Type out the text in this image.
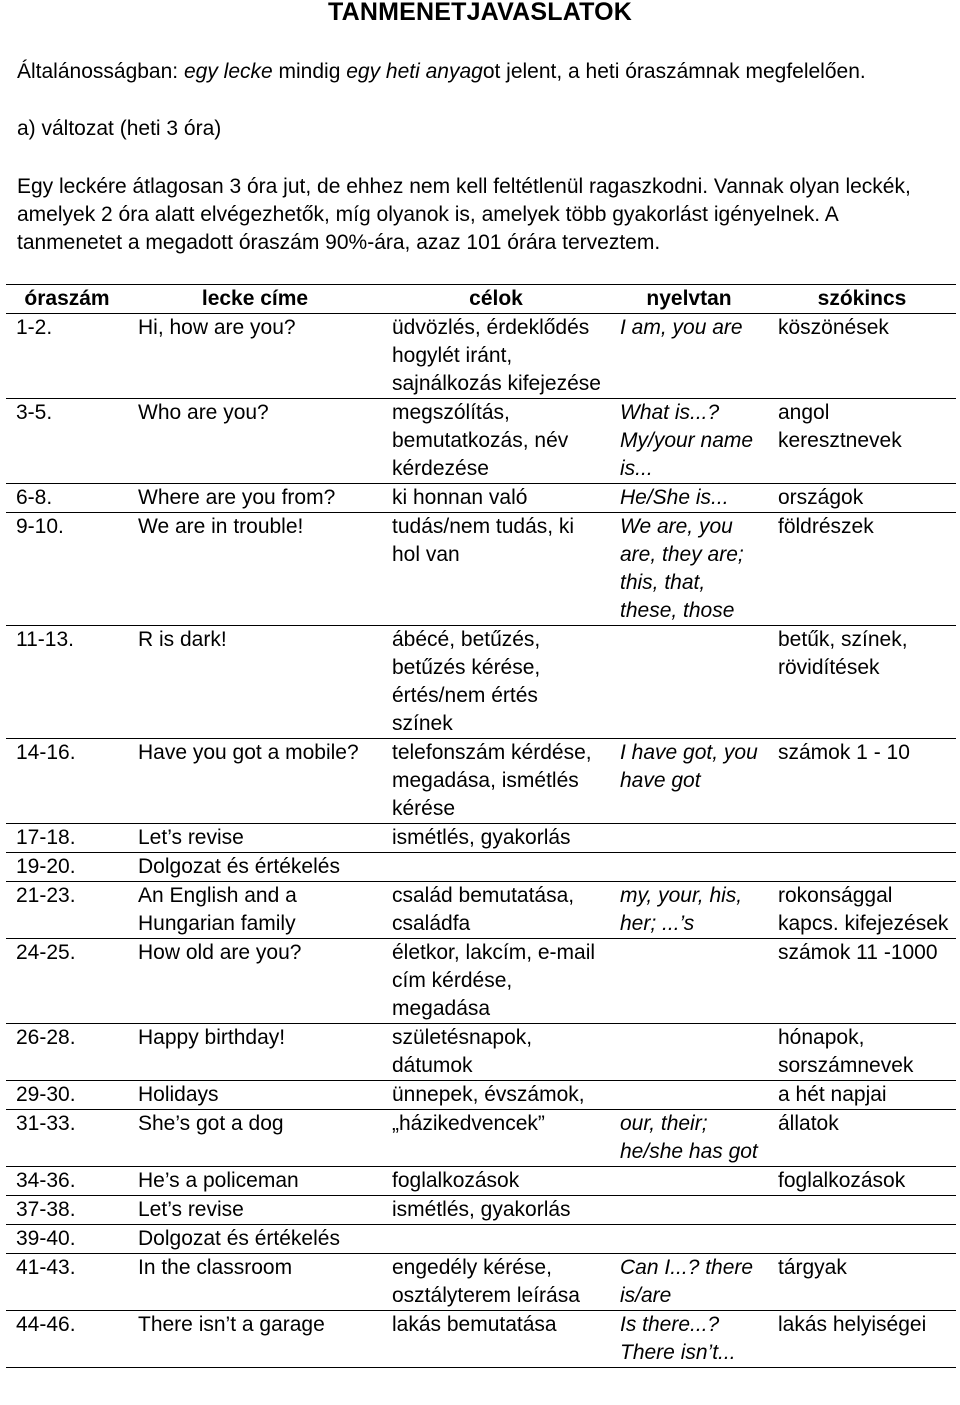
TANMENETJAVASLATOK

Általánosságban: egy lecke mindig egy heti anyagot jelent, a heti óraszámnak megfelelően.

a) változat (heti 3 óra)

Egy leckére átlagosan 3 óra jut, de ehhez nem kell feltétlenül ragaszkodni. Vannak olyan leckék, amelyek 2 óra alatt elvégezhetők, míg olyanok is, amelyek több gyakorlást igényelnek. A tanmenetet a megadott óraszám 90%-ára, azaz 101 órára terveztem.

óraszám	lecke címe	célok	nyelvtan	szókincs
1-2.	Hi, how are you?	üdvözlés, érdeklődés hogylét iránt, sajnálkozás kifejezése	I am, you are	köszönések
3-5.	Who are you?	megszólítás, bemutatkozás, név kérdezése	What is...? My/your name is...	angol keresztnevek
6-8.	Where are you from?	ki honnan való	He/She is...	országok
9-10.	We are in trouble!	tudás/nem tudás, ki hol van	We are, you are, they are; this, that, these, those	földrészek
11-13.	R is dark!	ábécé, betűzés, betűzés kérése, értés/nem értés színek		betűk, színek, rövidítések
14-16.	Have you got a mobile?	telefonszám kérdése, megadása, ismétlés kérése	I have got, you have got	számok 1 - 10
17-18.	Let’s revise	ismétlés, gyakorlás		
19-20.	Dolgozat és értékelés			
21-23.	An English and a Hungarian family	család bemutatása, családfa	my, your, his, her; ...’s	rokonsággal kapcs. kifejezések
24-25.	How old are you?	életkor, lakcím, e-mail cím kérdése, megadása		számok 11 -1000
26-28.	Happy birthday!	születésnapok, dátumok		hónapok, sorszámnevek
29-30.	Holidays	ünnepek, évszámok,		a hét napjai
31-33.	She’s got a dog	„házikedvencek”	our, their; he/she has got	állatok
34-36.	He’s a policeman	foglalkozások		foglalkozások
37-38.	Let’s revise	ismétlés, gyakorlás		
39-40.	Dolgozat és értékelés			
41-43.	In the classroom	engedély kérése, osztályterem leírása	Can I...? there is/are	tárgyak
44-46.	There isn’t a garage	lakás bemutatása	Is there...? There isn’t...	lakás helyiségei
